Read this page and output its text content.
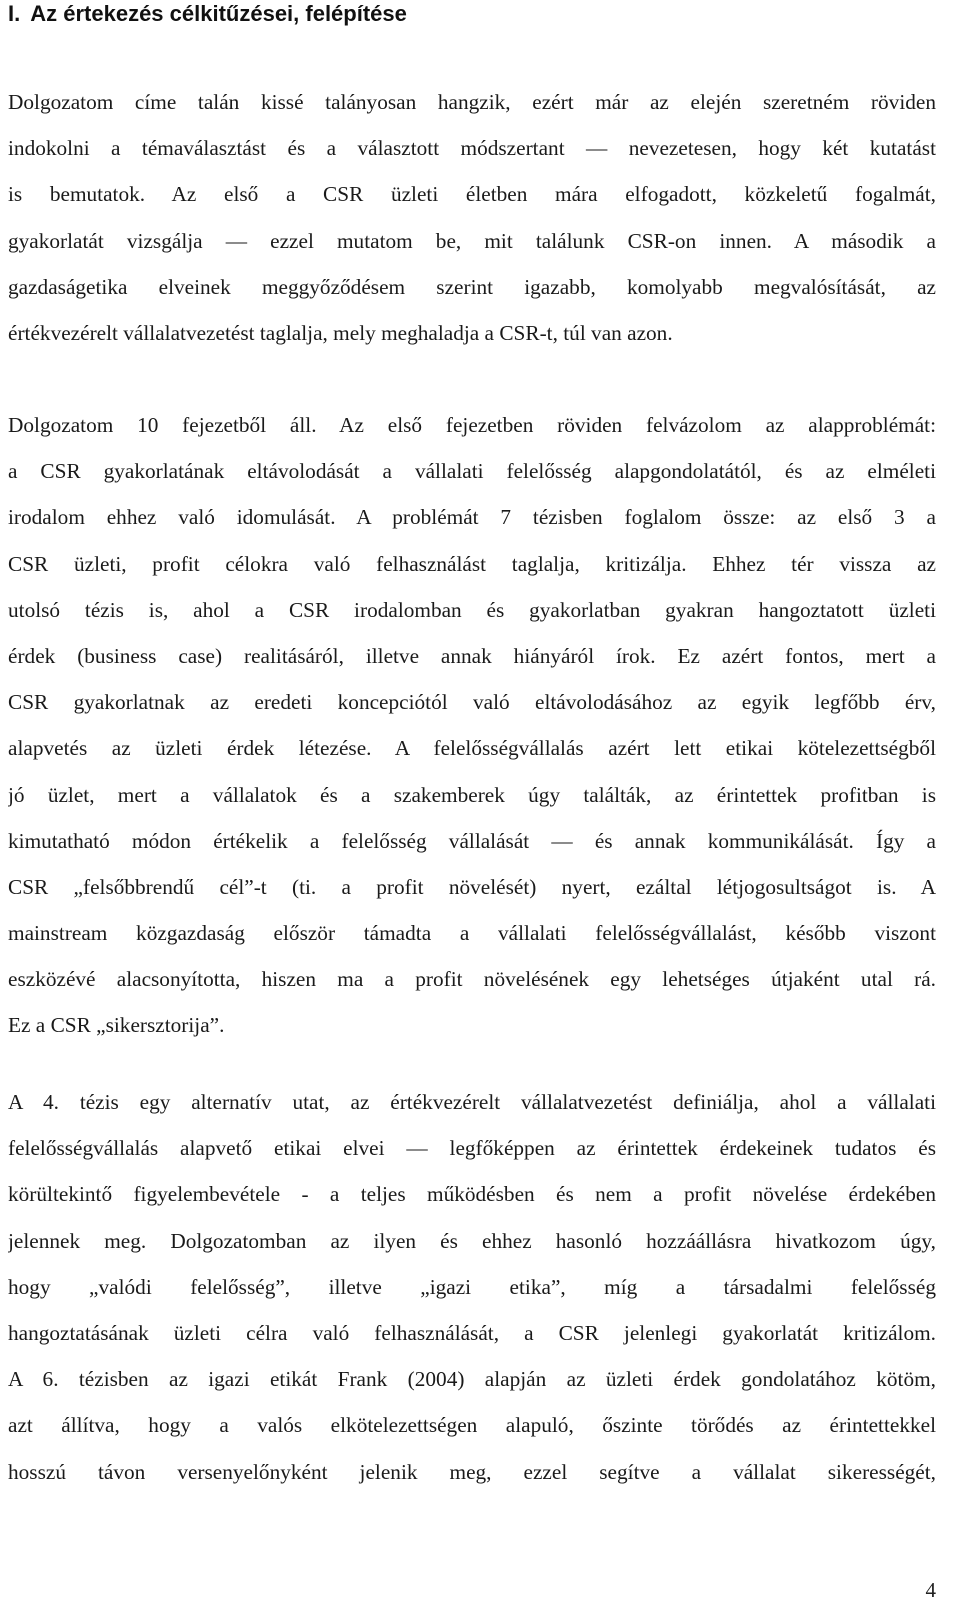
I. Az értekezés célkitűzései, felépítése
Dolgozatom címe talán kissé talányosan hangzik, ezért már az elején szeretném röviden
indokolni a témaválasztást és a választott módszertant ― nevezetesen, hogy két kutatást
is bemutatok. Az első a CSR üzleti életben mára elfogadott, közkeletű fogalmát,
gyakorlatát vizsgálja ― ezzel mutatom be, mit találunk CSR-on innen. A második a
gazdaságetika elveinek meggyőződésem szerint igazabb, komolyabb megvalósítását, az
értékvezérelt vállalatvezetést taglalja, mely meghaladja a CSR-t, túl van azon.
Dolgozatom 10 fejezetből áll. Az első fejezetben röviden felvázolom az alapproblémát:
a CSR gyakorlatának eltávolodását a vállalati felelősség alapgondolatától, és az elméleti
irodalom ehhez való idomulását. A problémát 7 tézisben foglalom össze: az első 3 a
CSR üzleti, profit célokra való felhasználást taglalja, kritizálja. Ehhez tér vissza az
utolsó tézis is, ahol a CSR irodalomban és gyakorlatban gyakran hangoztatott üzleti
érdek (business case) realitásáról, illetve annak hiányáról írok. Ez azért fontos, mert a
CSR gyakorlatnak az eredeti koncepciótól való eltávolodásához az egyik legfőbb érv,
alapvetés az üzleti érdek létezése. A felelősségvállalás azért lett etikai kötelezettségből
jó üzlet, mert a vállalatok és a szakemberek úgy találták, az érintettek profitban is
kimutatható módon értékelik a felelősség vállalását ― és annak kommunikálását. Így a
CSR „felsőbbrendű cél”-t (ti. a profit növelését) nyert, ezáltal létjogosultságot is. A
mainstream közgazdaság először támadta a vállalati felelősségvállalást, később viszont
eszközévé alacsonyította, hiszen ma a profit növelésének egy lehetséges útjaként utal rá.
Ez a CSR „sikersztorija”.
A 4. tézis egy alternatív utat, az értékvezérelt vállalatvezetést definiálja, ahol a vállalati
felelősségvállalás alapvető etikai elvei ― legfőképpen az érintettek érdekeinek tudatos és
körültekintő figyelembevétele - a teljes működésben és nem a profit növelése érdekében
jelennek meg. Dolgozatomban az ilyen és ehhez hasonló hozzáállásra hivatkozom úgy,
hogy „valódi felelősség”, illetve „igazi etika”, míg a társadalmi felelősség
hangoztatásának üzleti célra való felhasználását, a CSR jelenlegi gyakorlatát kritizálom.
A 6. tézisben az igazi etikát Frank (2004) alapján az üzleti érdek gondolatához kötöm,
azt állítva, hogy a valós elkötelezettségen alapuló, őszinte törődés az érintettekkel
hosszú távon versenyelőnyként jelenik meg, ezzel segítve a vállalat sikerességét,
4
